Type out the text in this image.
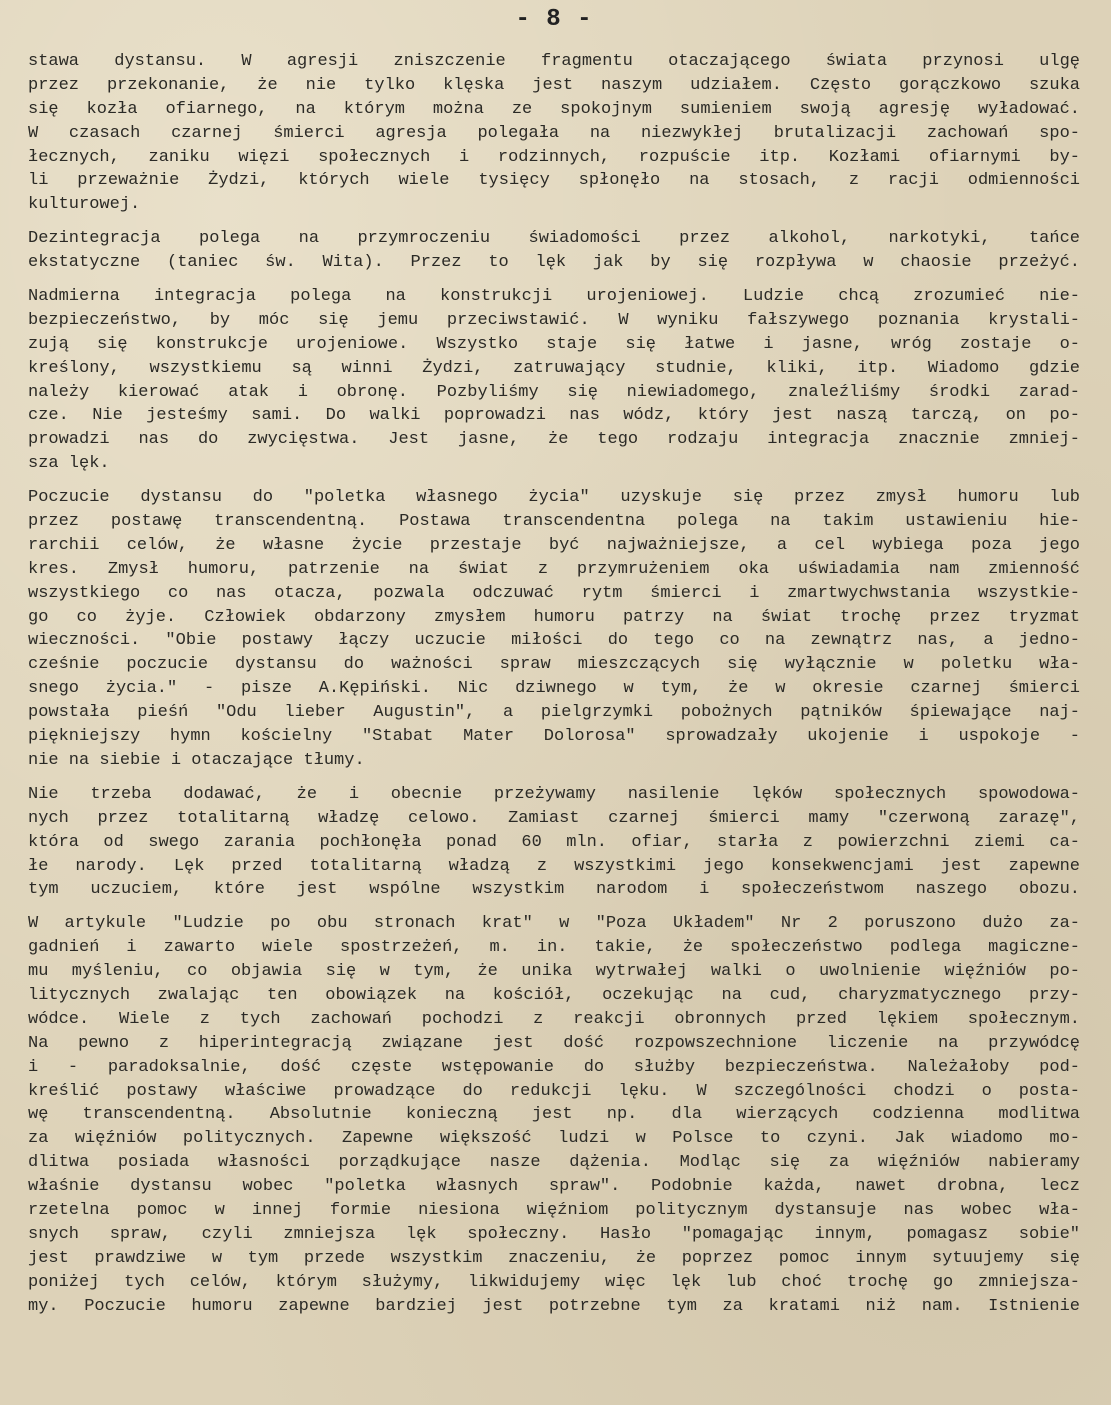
- 8 -
stawa dystansu. W agresji zniszczenie fragmentu otaczającego świata przynosi ulgę
przez przekonanie, że nie tylko klęska jest naszym udziałem. Często gorączkowo szuka
się kozła ofiarnego, na którym można ze spokojnym sumieniem swoją agresję wyładować.
W czasach czarnej śmierci agresja polegała na niezwykłej brutalizacji zachowań spo-
łecznych, zaniku więzi społecznych i rodzinnych, rozpuście itp. Kozłami ofiarnymi by-
li przeważnie Żydzi, których wiele tysięcy spłonęło na stosach, z racji odmienności
kulturowej.
Dezintegracja polega na przymroczeniu świadomości przez alkohol, narkotyki, tańce
ekstatyczne (taniec św. Wita). Przez to lęk jak by się rozpływa w chaosie przeżyć.
Nadmierna integracja polega na konstrukcji urojeniowej. Ludzie chcą zrozumieć nie-
bezpieczeństwo, by móc się jemu przeciwstawić. W wyniku fałszywego poznania krystali-
zują się konstrukcje urojeniowe. Wszystko staje się łatwe i jasne, wróg zostaje o-
kreślony, wszystkiemu są winni Żydzi, zatruwający studnie, kliki, itp. Wiadomo gdzie
należy kierować atak i obronę. Pozbyliśmy się niewiadomego, znaleźliśmy środki zarad-
cze. Nie jesteśmy sami. Do walki poprowadzi nas wódz, który jest naszą tarczą, on po-
prowadzi nas do zwycięstwa. Jest jasne, że tego rodzaju integracja znacznie zmniej-
sza lęk.
Poczucie dystansu do "poletka własnego życia" uzyskuje się przez zmysł humoru lub
przez postawę transcendentną. Postawa transcendentna polega na takim ustawieniu hie-
rarchii celów, że własne życie przestaje być najważniejsze, a cel wybiega poza jego
kres. Zmysł humoru, patrzenie na świat z przymrużeniem oka uświadamia nam zmienność
wszystkiego co nas otacza, pozwala odczuwać rytm śmierci i zmartwychwstania wszystkie-
go co żyje. Człowiek obdarzony zmysłem humoru patrzy na świat trochę przez tryzmat
wieczności. "Obie postawy łączy uczucie miłości do tego co na zewnątrz nas, a jedno-
cześnie poczucie dystansu do ważności spraw mieszczących się wyłącznie w poletku wła-
snego życia." - pisze A.Kępiński. Nic dziwnego w tym, że w okresie czarnej śmierci
powstała pieśń "Odu lieber Augustin", a pielgrzymki pobożnych pątników śpiewające naj-
piękniejszy hymn kościelny "Stabat Mater Dolorosa" sprowadzały ukojenie i uspokoje -
nie na siebie i otaczające tłumy.
Nie trzeba dodawać, że i obecnie przeżywamy nasilenie lęków społecznych spowodowa-
nych przez totalitarną władzę celowo. Zamiast czarnej śmierci mamy "czerwoną zarazę",
która od swego zarania pochłonęła ponad 60 mln. ofiar, starła z powierzchni ziemi ca-
łe narody. Lęk przed totalitarną władzą z wszystkimi jego konsekwencjami jest zapewne
tym uczuciem, które jest wspólne wszystkim narodom i społeczeństwom naszego obozu.
W artykule "Ludzie po obu stronach krat" w "Poza Układem" Nr 2 poruszono dużo za-
gadnień i zawarto wiele spostrzeżeń, m. in. takie, że społeczeństwo podlega magiczne-
mu myśleniu, co objawia się w tym, że unika wytrwałej walki o uwolnienie więźniów po-
litycznych zwalając ten obowiązek na kościół, oczekując na cud, charyzmatycznego przy-
wódce. Wiele z tych zachowań pochodzi z reakcji obronnych przed lękiem społecznym.
Na pewno z hiperintegracją związane jest dość rozpowszechnione liczenie na przywódcę
i - paradoksalnie, dość częste wstępowanie do służby bezpieczeństwa. Należałoby pod-
kreślić postawy właściwe prowadzące do redukcji lęku. W szczególności chodzi o posta-
wę transcendentną. Absolutnie konieczną jest np. dla wierzących codzienna modlitwa
za więźniów politycznych. Zapewne większość ludzi w Polsce to czyni. Jak wiadomo mo-
dlitwa posiada własności porządkujące nasze dążenia. Modląc się za więźniów nabieramy
właśnie dystansu wobec "poletka własnych spraw". Podobnie każda, nawet drobna, lecz
rzetelna pomoc w innej formie niesiona więźniom politycznym dystansuje nas wobec wła-
snych spraw, czyli zmniejsza lęk społeczny. Hasło "pomagając innym, pomagasz sobie"
jest prawdziwe w tym przede wszystkim znaczeniu, że poprzez pomoc innym sytuujemy się
poniżej tych celów, którym służymy, likwidujemy więc lęk lub choć trochę go zmniejsza-
my. Poczucie humoru zapewne bardziej jest potrzebne tym za kratami niż nam. Istnienie
